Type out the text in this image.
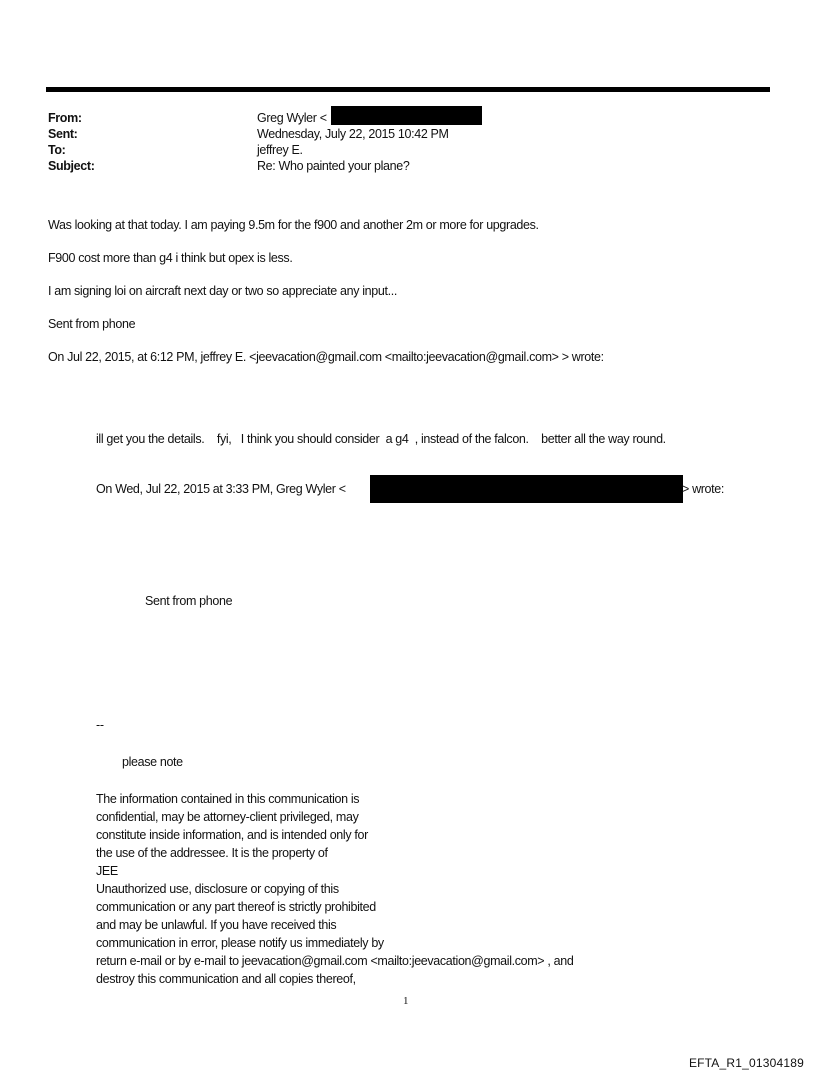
From:	Greg Wyler <
Sent:	Wednesday, July 22, 2015 10:42 PM
To:	jeffrey E.
Subject:	Re: Who painted your plane?
Was looking at that today. I am paying 9.5m for the f900 and another 2m or more for upgrades.
F900 cost more than g4 i think but opex is less.
I am signing loi on aircraft next day or two so appreciate any input...
Sent from phone
On Jul 22, 2015, at 6:12 PM, jeffrey E. <jeevacation@gmail.com <mailto:jeevacation@gmail.com> > wrote:
ill get you the details.    fyi,   I think you should consider  a g4  , instead of the falcon.    better all the way round.
On Wed, Jul 22, 2015 at 3:33 PM, Greg Wyler <	> wrote:
Sent from phone
--
please note
The information contained in this communication is
confidential, may be attorney-client privileged, may
constitute inside information, and is intended only for
the use of the addressee. It is the property of
JEE
Unauthorized use, disclosure or copying of this
communication or any part thereof is strictly prohibited
and may be unlawful. If you have received this
communication in error, please notify us immediately by
return e-mail or by e-mail to jeevacation@gmail.com <mailto:jeevacation@gmail.com> , and
destroy this communication and all copies thereof,
1
EFTA_R1_01304189
